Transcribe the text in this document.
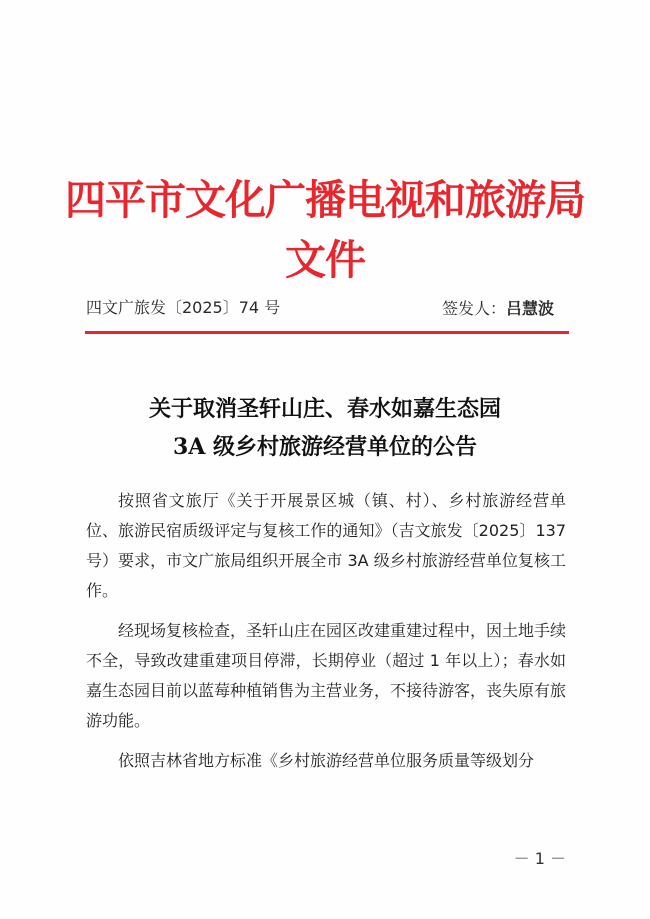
四平市文化广播电视和旅游局文件
四文广旅发〔2025〕74 号	签发人：吕慧波
关于取消圣轩山庄、春水如嘉生态园
3A 级乡村旅游经营单位的公告

按照省文旅厅《关于开展景区城（镇、村）、乡村旅游经营单位、旅游民宿质级评定与复核工作的通知》（吉文旅发〔2025〕137 号）要求，市文广旅局组织开展全市 3A 级乡村旅游经营单位复核工作。

经现场复核检查，圣轩山庄在园区改建重建过程中，因土地手续不全，导致改建重建项目停滞，长期停业（超过 1 年以上）；春水如嘉生态园目前以蓝莓种植销售为主营业务，不接待游客，丧失原有旅游功能。

依照吉林省地方标准《乡村旅游经营单位服务质量等级划分

－ 1 －
